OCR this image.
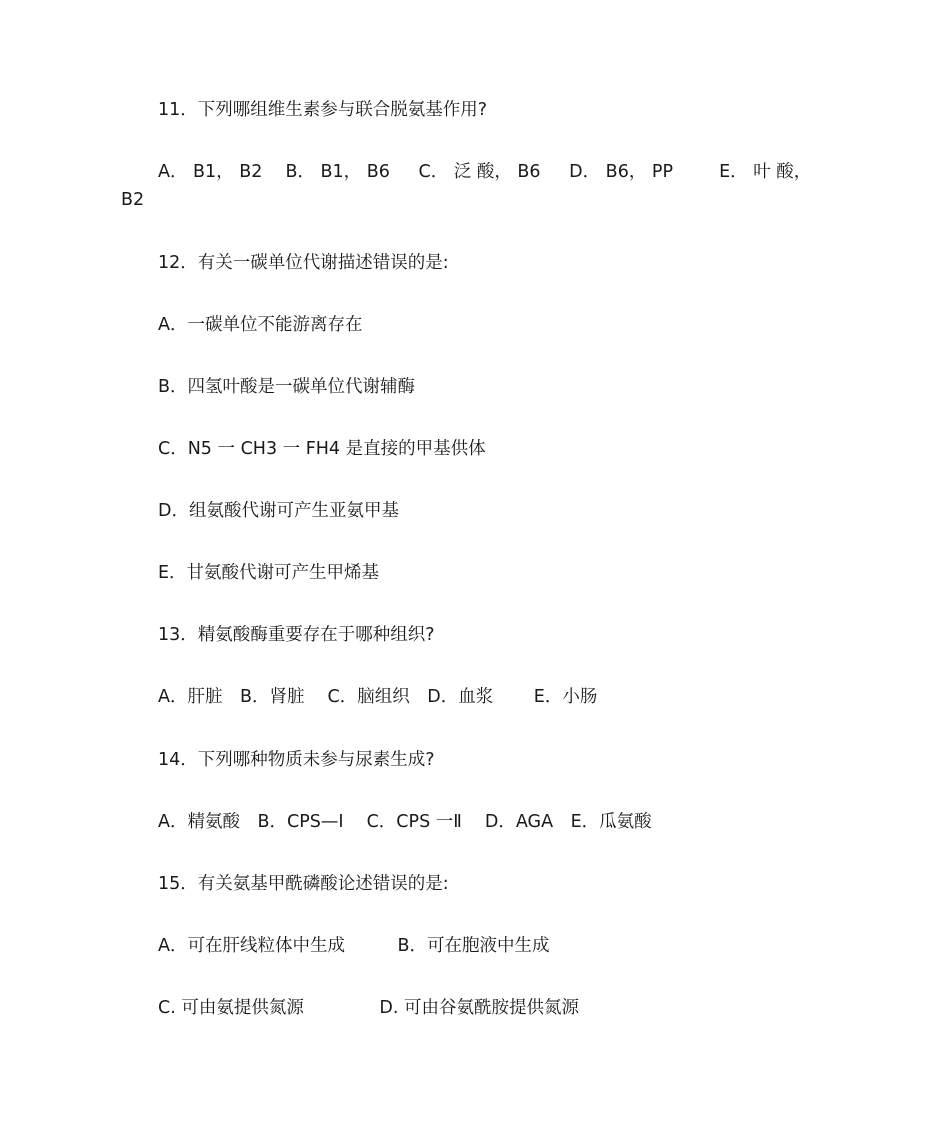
11．下列哪组维生素参与联合脱氨基作用?

A． B1， B2 　B． B1， B6 　 C． 泛 酸， B6 　 D． B6， PP 　 　E． 叶 酸，

B2

12．有关一碳单位代谢描述错误的是:

A．一碳单位不能游离存在

B．四氢叶酸是一碳单位代谢辅酶

C．N5 一 CH3 一 FH4 是直接的甲基供体

D．组氨酸代谢可产生亚氨甲基

E．甘氨酸代谢可产生甲烯基

13．精氨酸酶重要存在于哪种组织?

A．肝脏　B．肾脏　 C．脑组织　D．血浆　　 E．小肠

14．下列哪种物质未参与尿素生成?

A．精氨酸　B．CPS—I　 C．CPS 一Ⅱ　 D．AGA　E．瓜氨酸

15．有关氨基甲酰磷酸论述错误的是:

A．可在肝线粒体中生成　　　B．可在胞液中生成

C. 可由氨提供氮源　　　　 D. 可由谷氨酰胺提供氮源
